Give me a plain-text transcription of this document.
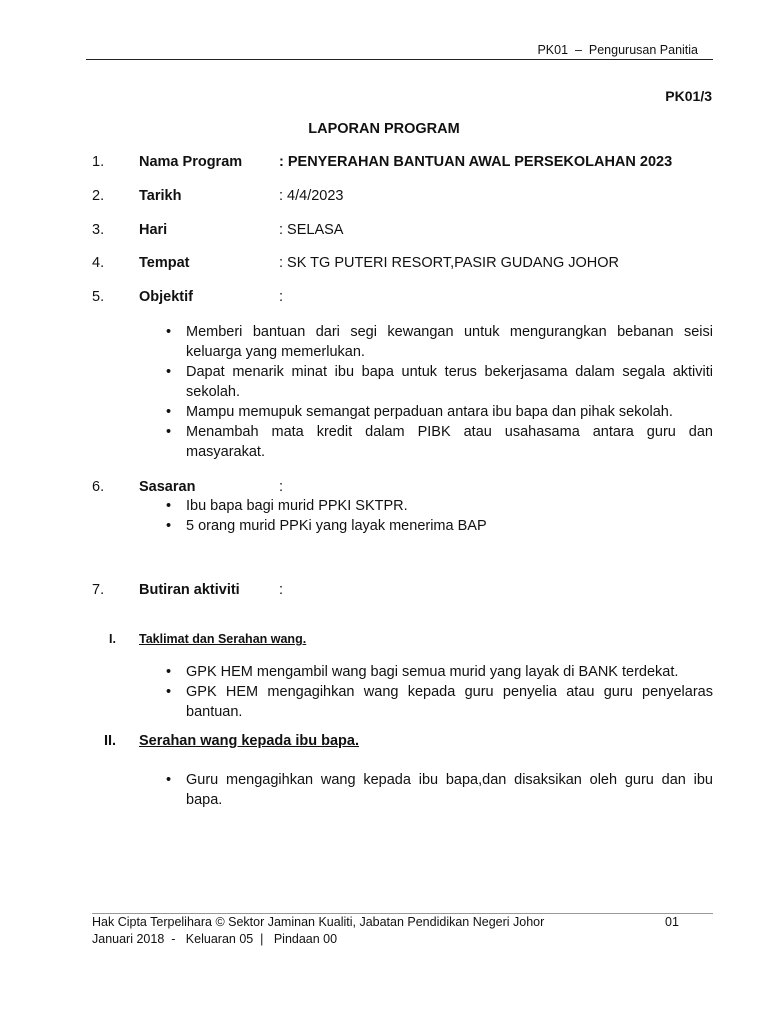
PK01  –  Pengurusan Panitia
PK01/3
LAPORAN PROGRAM
1. Nama Program	: PENYERAHAN BANTUAN AWAL PERSEKOLAHAN 2023
2. Tarikh	: 4/4/2023
3. Hari	: SELASA
4. Tempat	: SK TG PUTERI RESORT,PASIR GUDANG JOHOR
5. Objektif	:
• Memberi bantuan dari segi kewangan untuk mengurangkan bebanan seisi keluarga yang memerlukan.
• Dapat menarik minat ibu bapa untuk terus bekerjasama dalam segala aktiviti sekolah.
• Mampu memupuk semangat perpaduan antara ibu bapa dan pihak sekolah.
• Menambah mata kredit dalam PIBK atau usahasama antara guru dan masyarakat.
6. Sasaran	:
• Ibu bapa bagi murid PPKI SKTPR.
• 5 orang murid PPKi yang layak menerima BAP
7. Butiran aktiviti	:
I. Taklimat dan Serahan wang.
• GPK HEM mengambil wang bagi semua murid yang layak di BANK terdekat.
• GPK HEM mengagihkan wang kepada guru penyelia atau guru penyelaras bantuan.
II. Serahan wang kepada ibu bapa.
• Guru mengagihkan wang kepada ibu bapa,dan disaksikan oleh guru dan ibu bapa.
Hak Cipta Terpelihara © Sektor Jaminan Kualiti, Jabatan Pendidikan Negeri Johor	01
Januari 2018  -   Keluaran 05  |   Pindaan 00
